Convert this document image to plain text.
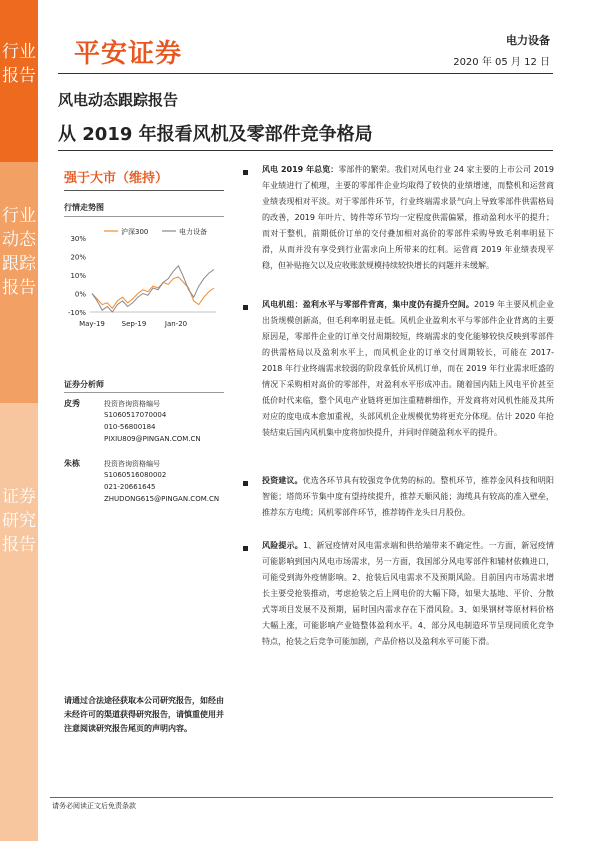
行业报告
行业动态跟踪报告
证券研究报告
平安证券	电力设备
2020 年 05 月 12 日
风电动态跟踪报告
从 2019 年报看风机及零部件竞争格局
强于大市（维持）
行情走势图
30%
20%
10%
0%
-10%
May-19 Sep-19	Jan-20
沪深300	电力设备
证券分析师
皮秀	投资咨询资格编号
S1060517070004
010-56800184
PIXIU809@PINGAN.COM.CN
朱栋	投资咨询资格编号
S1060516080002
021-20661645
ZHUDONG615@PINGAN.COM.CN
风电 2019 年总览：零部件的繁荣。我们对风电行业 24 家主要的上市公司 2019 年业绩进行了梳理，主要的零部件企业均取得了较快的业绩增速，而整机和运营商业绩表现相对平淡。对于零部件环节，行业终端需求景气向上导致零部件供需格局的改善，2019 年叶片、铸件等环节均一定程度供需偏紧，推动盈利水平的提升；而对于整机，前期低价订单的交付叠加相对高价的零部件采购导致毛利率明显下滑，从而并没有享受到行业需求向上所带来的红利。运营商 2019 年业绩表现平稳，但补贴拖欠以及应收账款规模持续较快增长的问题并未缓解。
风电机组：盈利水平与零部件背离，集中度仍有提升空间。2019 年主要风机企业出货规模创新高，但毛利率明显走低。风机企业盈利水平与零部件企业背离的主要原因是，零部件企业的订单交付周期较短，终端需求的变化能够较快反映到零部件的供需格局以及盈利水平上，而风机企业的订单交付周期较长，可能在 2017-2018 年行业终端需求较弱的阶段拿低价风机订单，而在 2019 年行业需求旺盛的情况下采购相对高价的零部件，对盈利水平形成冲击。随着国内陆上风电平价甚至低价时代来临，整个风电产业链将更加注重精耕细作，开发商将对风机性能及其所对应的度电成本愈加重视，头部风机企业规模优势将更充分体现。估计 2020 年抢装结束后国内风机集中度将加快提升，并同时伴随盈利水平的提升。
投资建议。优选各环节具有较强竞争优势的标的。整机环节，推荐金风科技和明阳智能；塔筒环节集中度有望持续提升，推荐天顺风能；海缆具有较高的准入壁垒，推荐东方电缆；风机零部件环节，推荐铸件龙头日月股份。
风险提示。1、新冠疫情对风电需求端和供给端带来不确定性。一方面，新冠疫情可能影响到国内风电市场需求，另一方面，我国部分风电零部件和辅材依赖进口，可能受到海外疫情影响。2、抢装后风电需求不及预期风险。目前国内市场需求增长主要受抢装推动，考虑抢装之后上网电价的大幅下降，如果大基地、平价、分散式等项目发展不及预期，届时国内需求存在下滑风险。3、如果钢材等原材料价格大幅上涨，可能影响产业链整体盈利水平。4、部分风电制造环节呈现同质化竞争特点，抢装之后竞争可能加剧，产品价格以及盈利水平可能下滑。
请通过合法途径获取本公司研究报告，如经由未经许可的渠道获得研究报告，请慎重使用并注意阅读研究报告尾页的声明内容。
请务必阅读正文后免责条款
